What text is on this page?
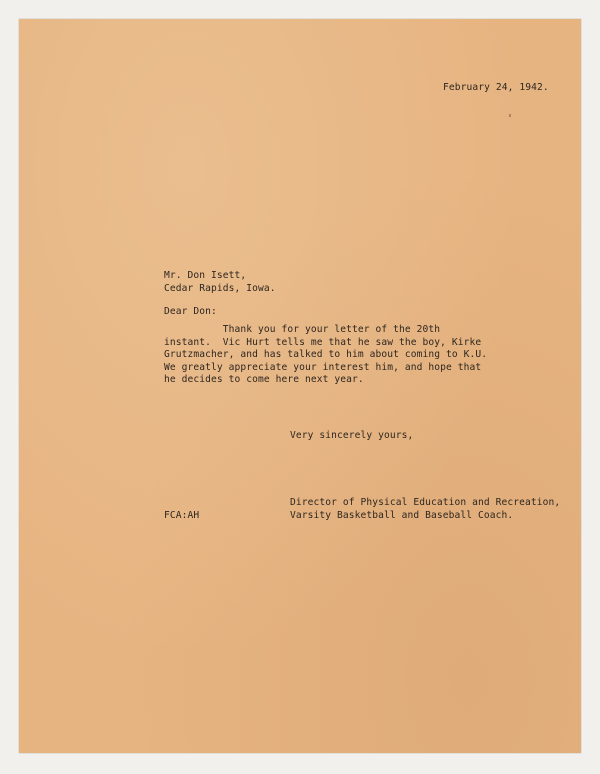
February 24, 1942.
Mr. Don Isett,
Cedar Rapids, Iowa.
Dear Don:
Thank you for your letter of the 20th
instant.  Vic Hurt tells me that he saw the boy, Kirke
Grutzmacher, and has talked to him about coming to K.U.
We greatly appreciate your interest him, and hope that
he decides to come here next year.
Very sincerely yours,
FCA:AH
Director of Physical Education and Recreation,
Varsity Basketball and Baseball Coach.
